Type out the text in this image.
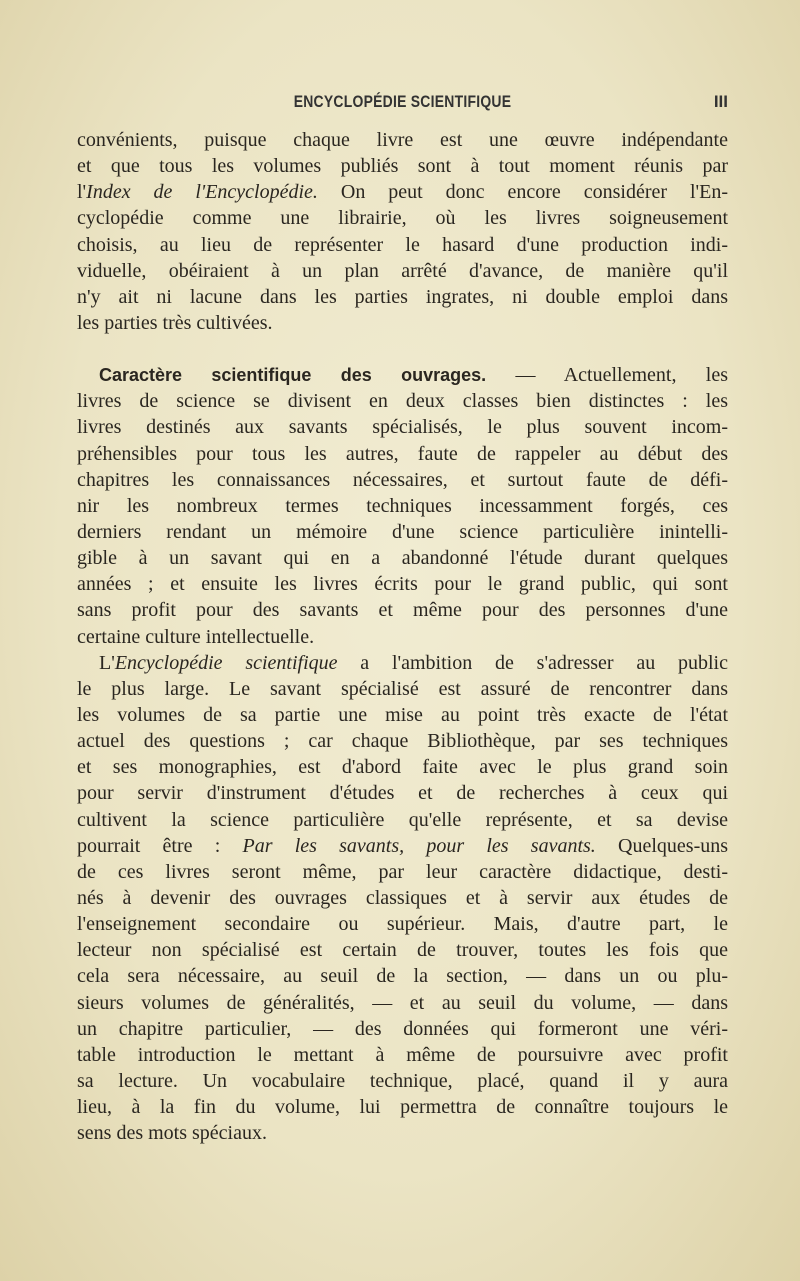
ENCYCLOPÉDIE SCIENTIFIQUE	III
convénients, puisque chaque livre est une œuvre indépendante
et que tous les volumes publiés sont à tout moment réunis par
l'Index de l'Encyclopédie. On peut donc encore considérer l'En-
cyclopédie comme une librairie, où les livres soigneusement
choisis, au lieu de représenter le hasard d'une production indi-
viduelle, obéiraient à un plan arrêté d'avance, de manière qu'il
n'y ait ni lacune dans les parties ingrates, ni double emploi dans
les parties très cultivées.
Caractère scientifique des ouvrages. — Actuellement, les
livres de science se divisent en deux classes bien distinctes : les
livres destinés aux savants spécialisés, le plus souvent incom-
préhensibles pour tous les autres, faute de rappeler au début des
chapitres les connaissances nécessaires, et surtout faute de défi-
nir les nombreux termes techniques incessamment forgés, ces
derniers rendant un mémoire d'une science particulière inintelli-
gible à un savant qui en a abandonné l'étude durant quelques
années ; et ensuite les livres écrits pour le grand public, qui sont
sans profit pour des savants et même pour des personnes d'une
certaine culture intellectuelle.
L'Encyclopédie scientifique a l'ambition de s'adresser au public
le plus large. Le savant spécialisé est assuré de rencontrer dans
les volumes de sa partie une mise au point très exacte de l'état
actuel des questions ; car chaque Bibliothèque, par ses techniques
et ses monographies, est d'abord faite avec le plus grand soin
pour servir d'instrument d'études et de recherches à ceux qui
cultivent la science particulière qu'elle représente, et sa devise
pourrait être : Par les savants, pour les savants. Quelques-uns
de ces livres seront même, par leur caractère didactique, desti-
nés à devenir des ouvrages classiques et à servir aux études de
l'enseignement secondaire ou supérieur. Mais, d'autre part, le
lecteur non spécialisé est certain de trouver, toutes les fois que
cela sera nécessaire, au seuil de la section, — dans un ou plu-
sieurs volumes de généralités, — et au seuil du volume, — dans
un chapitre particulier, — des données qui formeront une véri-
table introduction le mettant à même de poursuivre avec profit
sa lecture. Un vocabulaire technique, placé, quand il y aura
lieu, à la fin du volume, lui permettra de connaître toujours le
sens des mots spéciaux.
